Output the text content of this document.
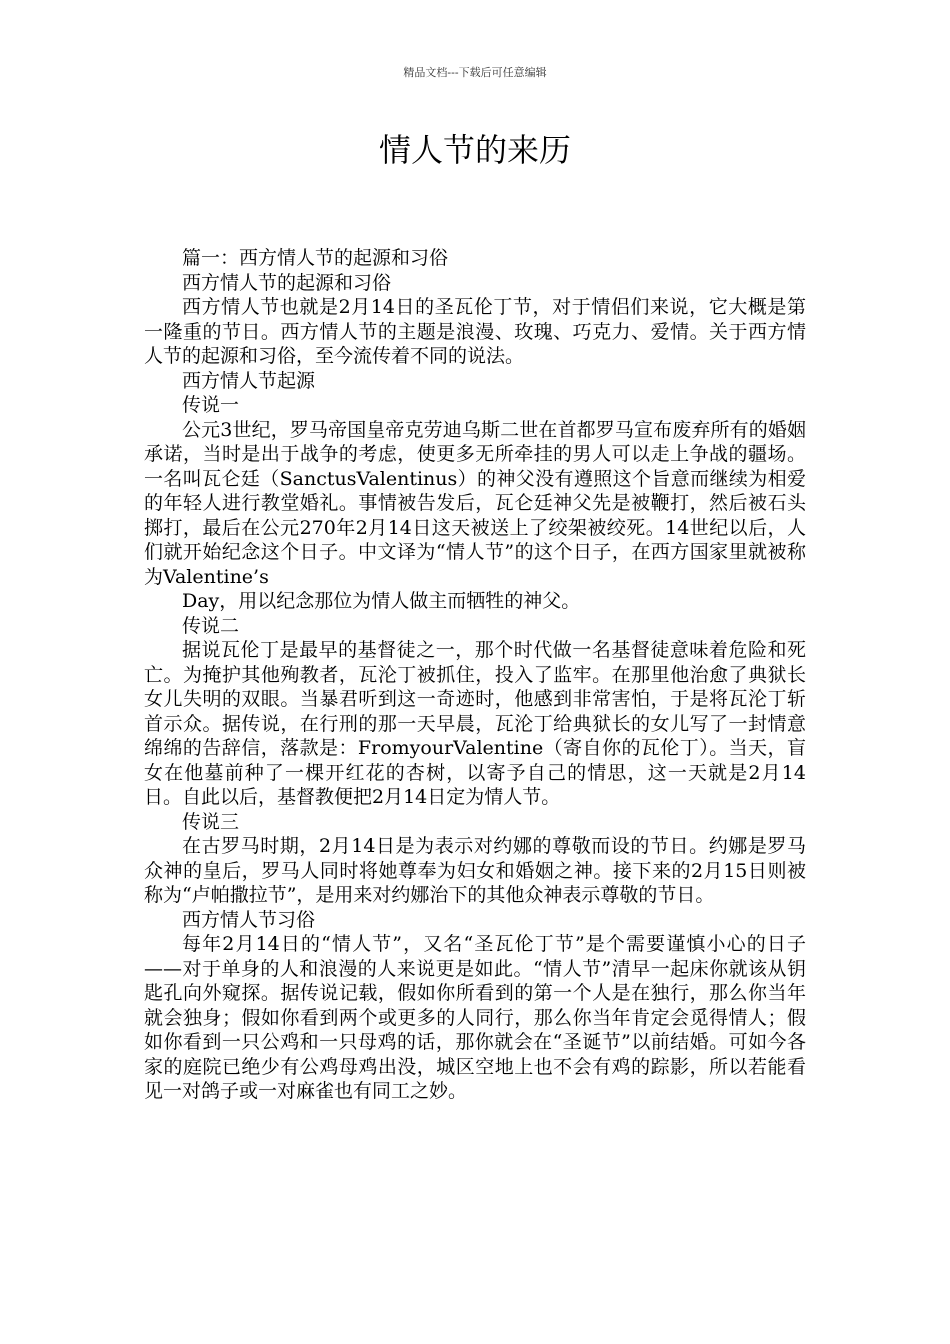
精品文档---下载后可任意编辑
情人节的来历

篇一：西方情人节的起源和习俗

西方情人节的起源和习俗

西方情人节也就是2月14日的圣瓦伦丁节，对于情侣们来说，它大概是第一隆重的节日。西方情人节的主题是浪漫、玫瑰、巧克力、爱情。关于西方情人节的起源和习俗，至今流传着不同的说法。

西方情人节起源

传说一

公元3世纪，罗马帝国皇帝克劳迪乌斯二世在首都罗马宣布废弃所有的婚姻承诺，当时是出于战争的考虑，使更多无所牵挂的男人可以走上争战的疆场。一名叫瓦仑廷（SanctusValentinus）的神父没有遵照这个旨意而继续为相爱的年轻人进行教堂婚礼。事情被告发后，瓦仑廷神父先是被鞭打，然后被石头掷打，最后在公元270年2月14日这天被送上了绞架被绞死。14世纪以后，人们就开始纪念这个日子。中文译为“情人节”的这个日子，在西方国家里就被称为Valentine’s

Day，用以纪念那位为情人做主而牺牲的神父。

传说二

据说瓦伦丁是最早的基督徒之一，那个时代做一名基督徒意味着危险和死亡。为掩护其他殉教者，瓦沦丁被抓住，投入了监牢。在那里他治愈了典狱长女儿失明的双眼。当暴君听到这一奇迹时，他感到非常害怕，于是将瓦沦丁斩首示众。据传说，在行刑的那一天早晨，瓦沦丁给典狱长的女儿写了一封情意绵绵的告辞信，落款是：FromyourValentine（寄自你的瓦伦丁）。当天，盲女在他墓前种了一棵开红花的杏树，以寄予自己的情思，这一天就是2月14日。自此以后，基督教便把2月14日定为情人节。

传说三

在古罗马时期，2月14日是为表示对约娜的尊敬而设的节日。约娜是罗马众神的皇后，罗马人同时将她尊奉为妇女和婚姻之神。接下来的2月15日则被称为“卢帕撒拉节”，是用来对约娜治下的其他众神表示尊敬的节日。

西方情人节习俗

每年2月14日的“情人节”，又名“圣瓦伦丁节”是个需要谨慎小心的日子——对于单身的人和浪漫的人来说更是如此。“情人节”清早一起床你就该从钥匙孔向外窥探。据传说记载，假如你所看到的第一个人是在独行，那么你当年就会独身；假如你看到两个或更多的人同行，那么你当年肯定会觅得情人；假如你看到一只公鸡和一只母鸡的话，那你就会在“圣诞节”以前结婚。可如今各家的庭院已绝少有公鸡母鸡出没，城区空地上也不会有鸡的踪影，所以若能看见一对鸽子或一对麻雀也有同工之妙。
